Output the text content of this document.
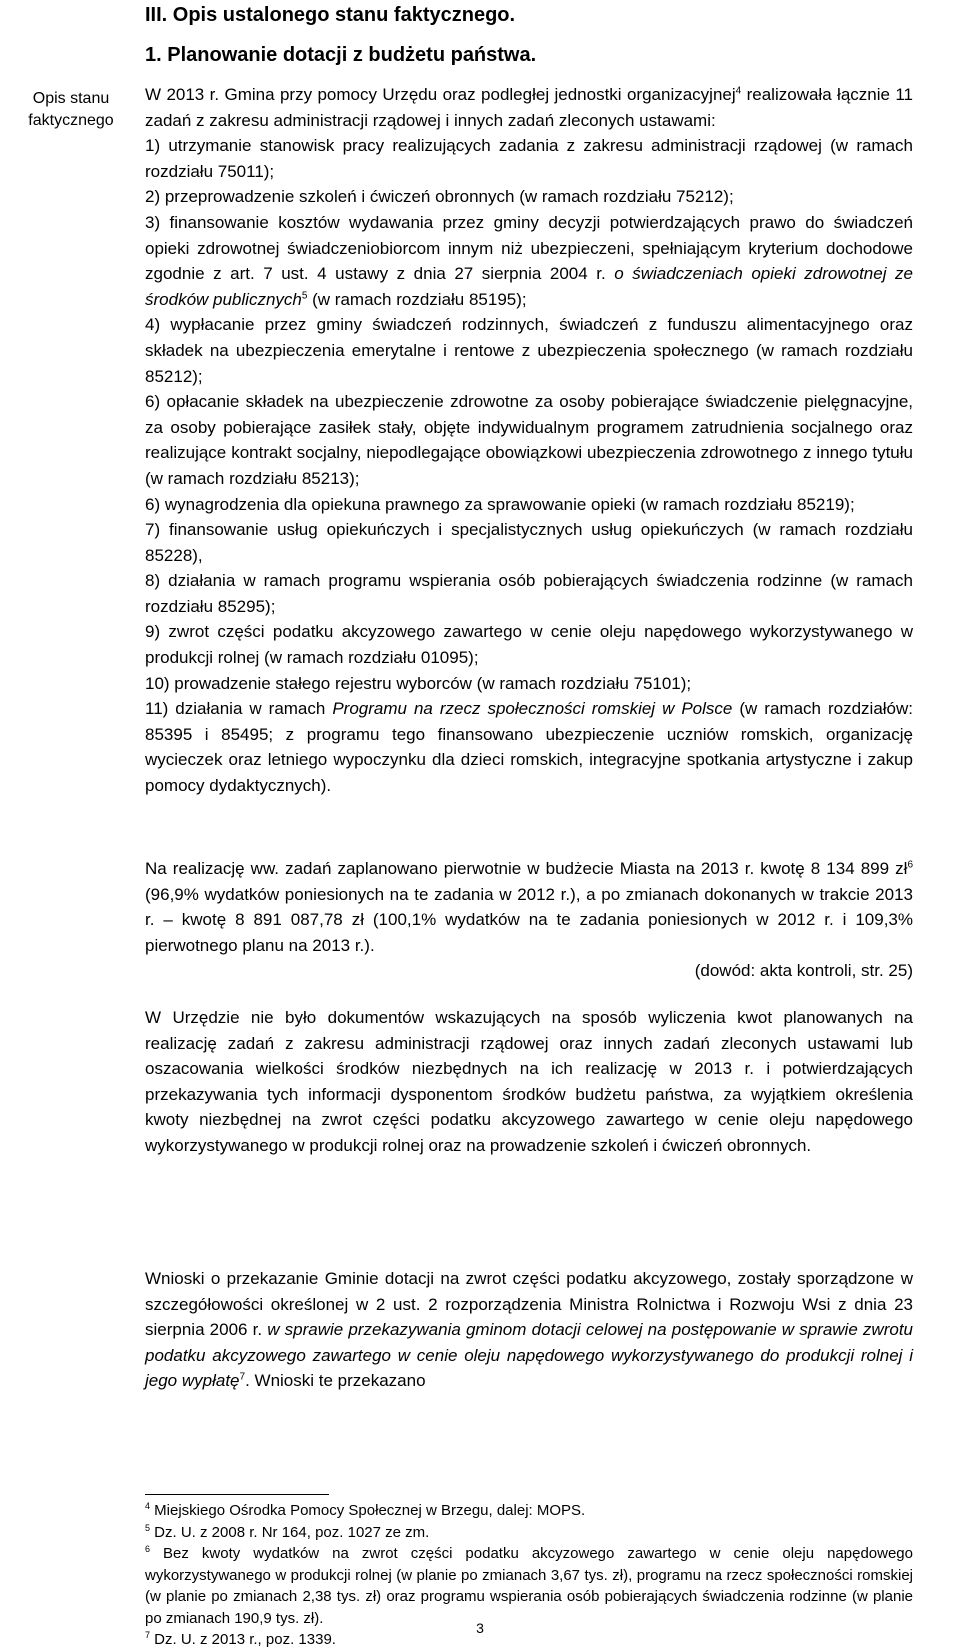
III. Opis ustalonego stanu faktycznego.
1. Planowanie dotacji z budżetu państwa.
Opis stanu
faktycznego

W 2013 r. Gmina przy pomocy Urzędu oraz podległej jednostki organizacyjnej$^4$ realizowała łącznie 11 zadań z zakresu administracji rządowej i innych zadań zleconych ustawami:

1) utrzymanie stanowisk pracy realizujących zadania z zakresu administracji rządowej (w ramach rozdziału 75011);

2) przeprowadzenie szkoleń i ćwiczeń obronnych (w ramach rozdziału 75212);

3) finansowanie kosztów wydawania przez gminy decyzji potwierdzających prawo do świadczeń opieki zdrowotnej świadczeniobiorcom innym niż ubezpieczeni, spełniającym kryterium dochodowe zgodnie z art. 7 ust. 4 ustawy z dnia 27 sierpnia 2004 r. o świadczeniach opieki zdrowotnej ze środków publicznych$^5$ (w ramach rozdziału 85195);

4) wypłacanie przez gminy świadczeń rodzinnych, świadczeń z funduszu alimentacyjnego oraz składek na ubezpieczenia emerytalne i rentowe z ubezpieczenia społecznego (w ramach rozdziału 85212);

6) opłacanie składek na ubezpieczenie zdrowotne za osoby pobierające świadczenie pielęgnacyjne, za osoby pobierające zasiłek stały, objęte indywidualnym programem zatrudnienia socjalnego oraz realizujące kontrakt socjalny, niepodlegające obowiązkowi ubezpieczenia zdrowotnego z innego tytułu (w ramach rozdziału 85213);

6) wynagrodzenia dla opiekuna prawnego za sprawowanie opieki (w ramach rozdziału 85219);

7) finansowanie usług opiekuńczych i specjalistycznych usług opiekuńczych (w ramach rozdziału 85228),

8) działania w ramach programu wspierania osób pobierających świadczenia rodzinne (w ramach rozdziału 85295);

9) zwrot części podatku akcyzowego zawartego w cenie oleju napędowego wykorzystywanego w produkcji rolnej (w ramach rozdziału 01095);

10) prowadzenie stałego rejestru wyborców (w ramach rozdziału 75101);

11) działania w ramach Programu na rzecz społeczności romskiej w Polsce (w ramach rozdziałów: 85395 i 85495; z programu tego finansowano ubezpieczenie uczniów romskich, organizację wycieczek oraz letniego wypoczynku dla dzieci romskich, integracyjne spotkania artystyczne i zakup pomocy dydaktycznych).

Na realizację ww. zadań zaplanowano pierwotnie w budżecie Miasta na 2013 r. kwotę 8 134 899 $zł^6$ (96,9% wydatków poniesionych na te zadania w 2012 r.), a po zmianach dokonanych w trakcie 2013 r. – kwotę 8 891 087,78 zł (100,1% wydatków na te zadania poniesionych w 2012 r. i 109,3% pierwotnego planu na 2013 r.).

(dowód: akta kontroli, str. 25)

W Urzędzie nie było dokumentów wskazujących na sposób wyliczenia kwot planowanych na realizację zadań z zakresu administracji rządowej oraz innych zadań zleconych ustawami lub oszacowania wielkości środków niezbędnych na ich realizację w 2013 r. i potwierdzających przekazywania tych informacji dysponentom środków budżetu państwa, za wyjątkiem określenia kwoty niezbędnej na zwrot części podatku akcyzowego zawartego w cenie oleju napędowego wykorzystywanego w produkcji rolnej oraz na prowadzenie szkoleń i ćwiczeń obronnych.

Wnioski o przekazanie Gminie dotacji na zwrot części podatku akcyzowego, zostały sporządzone w szczegółowości określonej w 2 ust. 2 rozporządzenia Ministra Rolnictwa i Rozwoju Wsi z dnia 23 sierpnia 2006 r. w sprawie przekazywania gminom dotacji celowej na postępowanie w sprawie zwrotu podatku akcyzowego zawartego w cenie oleju napędowego wykorzystywanego do produkcji rolnej i jego wypłatę$^7$. Wnioski te przekazano

$^4$ Miejskiego Ośrodka Pomocy Społecznej w Brzegu, dalej: MOPS.

$^5$ Dz. U. z 2008 r. Nr 164, poz. 1027 ze zm.

$^6$ Bez kwoty wydatków na zwrot części podatku akcyzowego zawartego w cenie oleju napędowego wykorzystywanego w produkcji rolnej (w planie po zmianach 3,67 tys. zł), programu na rzecz społeczności romskiej (w planie po zmianach 2,38 tys. zł) oraz programu wspierania osób pobierających świadczenia rodzinne (w planie po zmianach 190,9 tys. zł).

$^7$ Dz. U. z 2013 r., poz. 1339.

3
